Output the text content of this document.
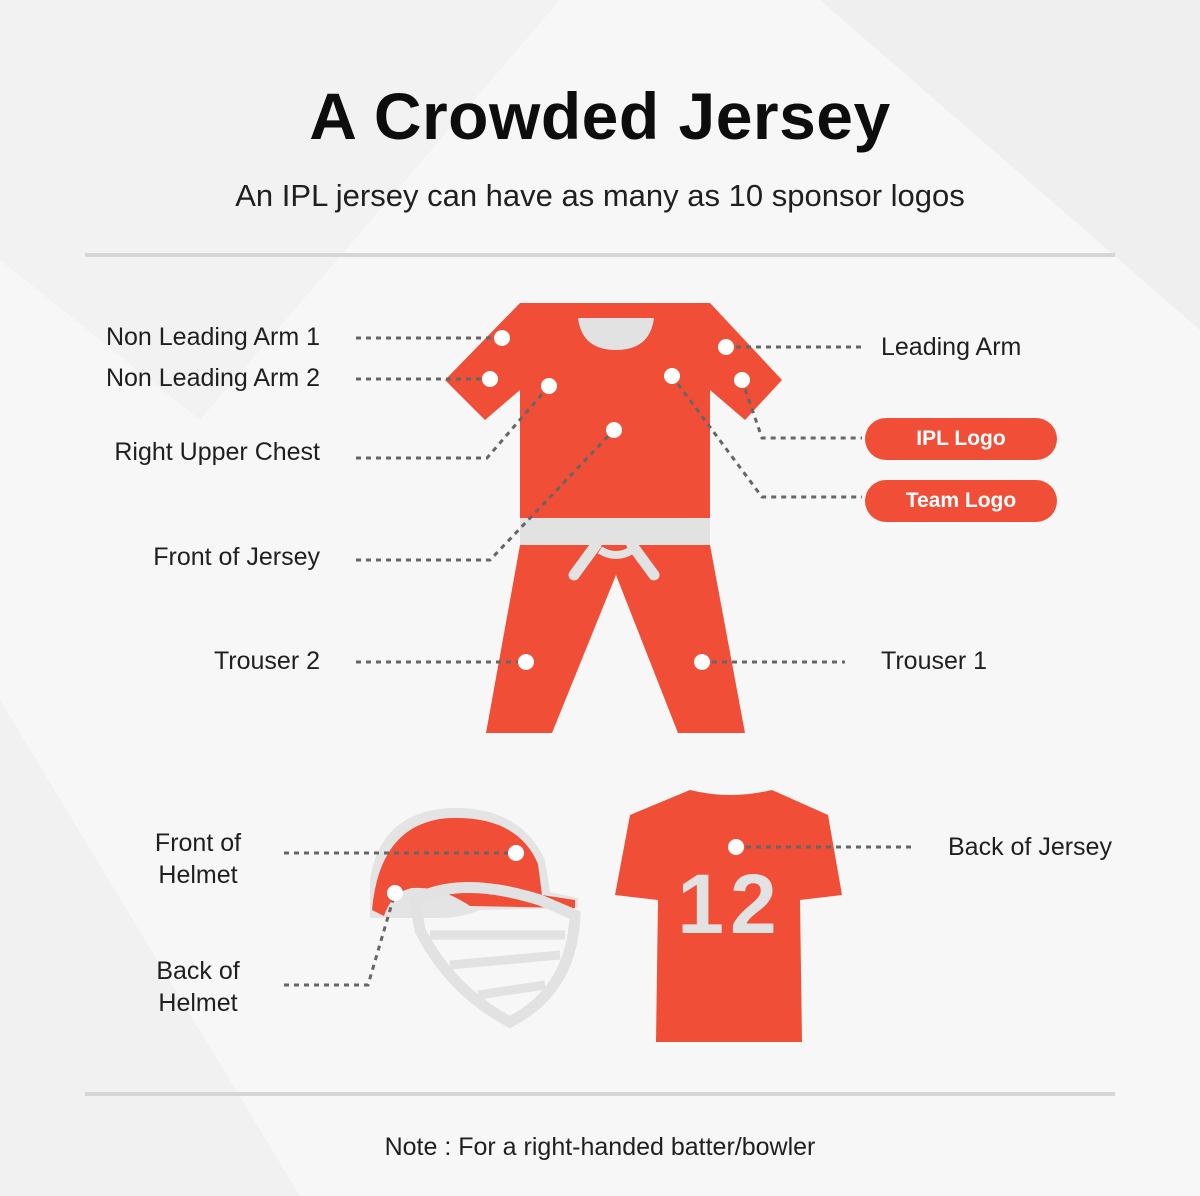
A Crowded Jersey
An IPL jersey can have as many as 10 sponsor logos
12
Non Leading Arm 1
Non Leading Arm 2
Right Upper Chest
Front of Jersey
Trouser 2
Leading Arm
Trouser 1
Front of Helmet
Back of Helmet
Back of Jersey
IPL Logo
Team Logo
Note : For a right-handed batter/bowler
